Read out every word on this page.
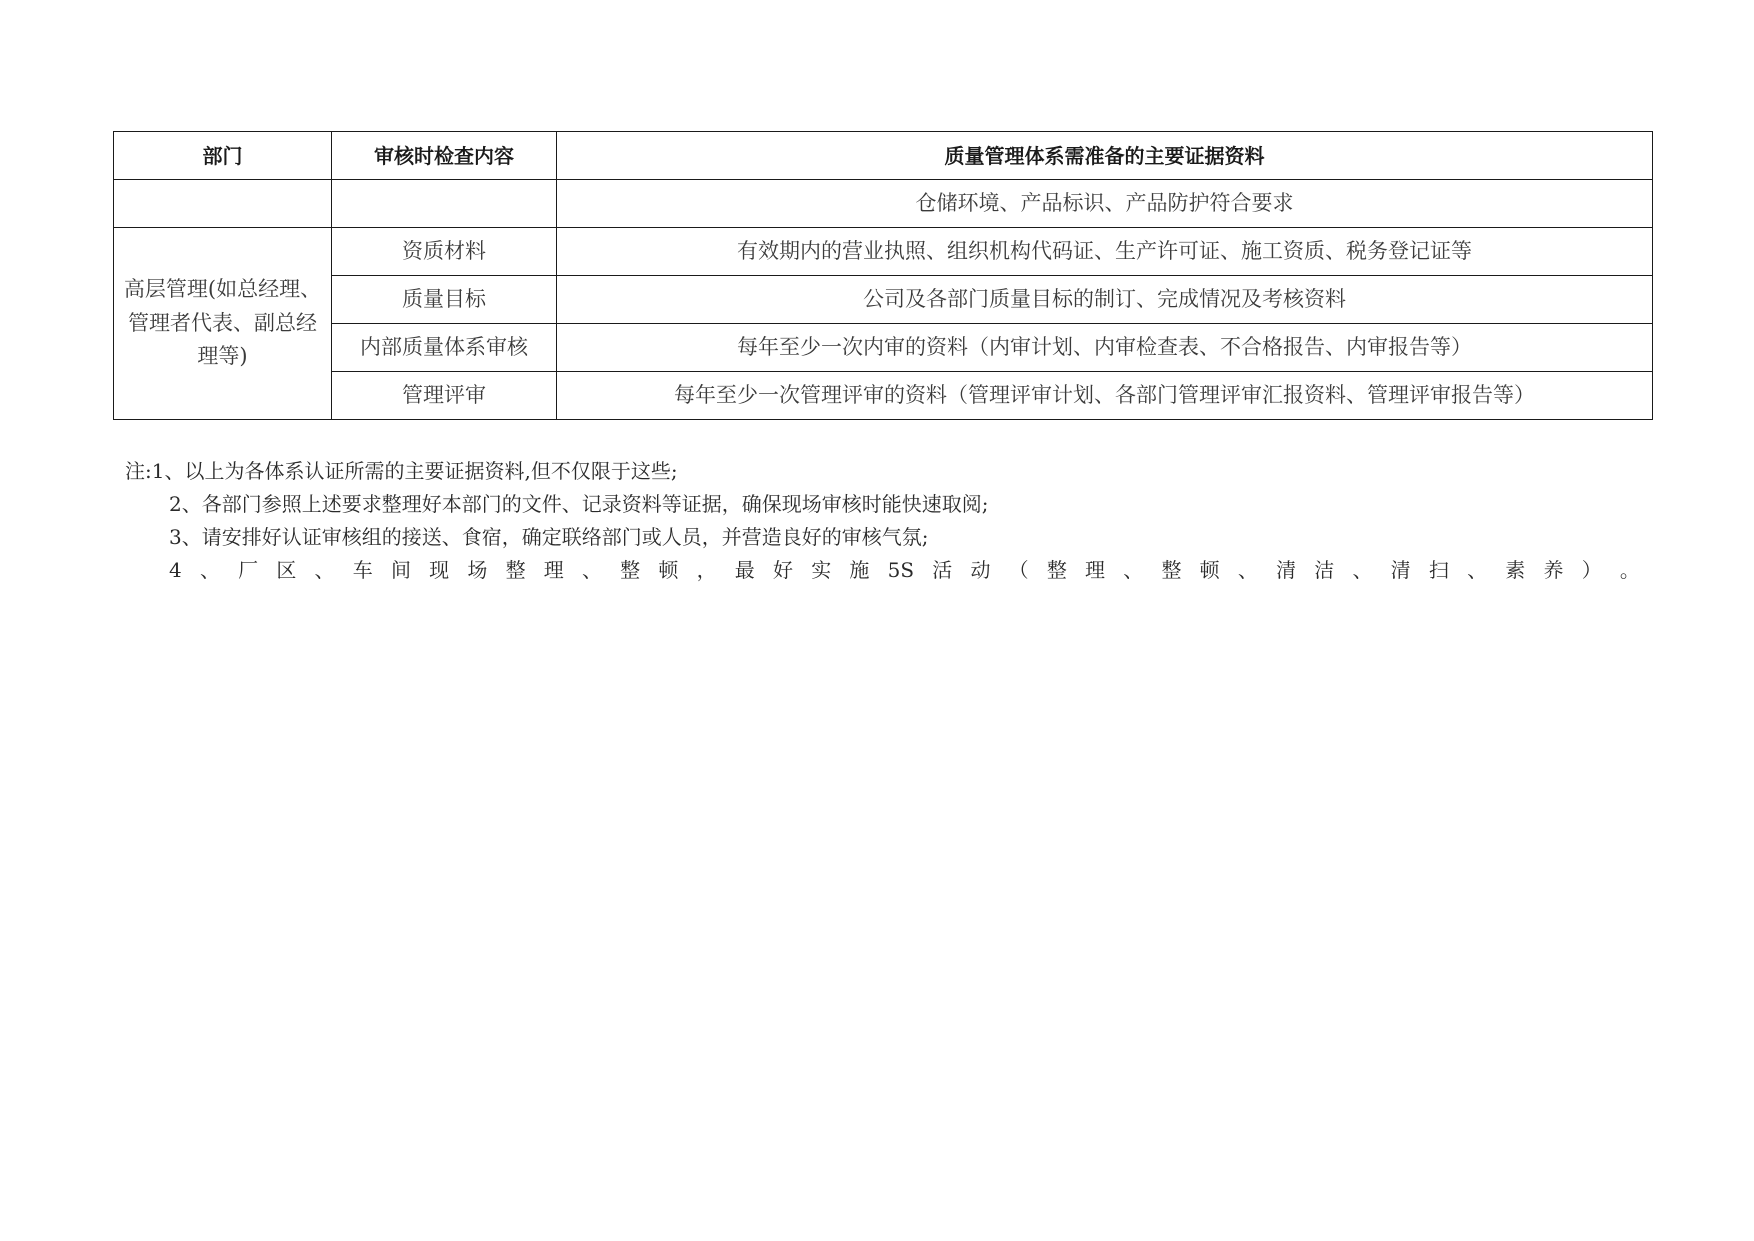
部门	审核时检查内容	质量管理体系需准备的主要证据资料
		仓储环境、产品标识、产品防护符合要求
高层管理(如总经理、管理者代表、副总经理等)	资质材料	有效期内的营业执照、组织机构代码证、生产许可证、施工资质、税务登记证等
	质量目标	公司及各部门质量目标的制订、完成情况及考核资料
	内部质量体系审核	每年至少一次内审的资料（内审计划、内审检查表、不合格报告、内审报告等）
	管理评审	每年至少一次管理评审的资料（管理评审计划、各部门管理评审汇报资料、管理评审报告等）
注:1、以上为各体系认证所需的主要证据资料,但不仅限于这些;
2、各部门参照上述要求整理好本部门的文件、记录资料等证据，确保现场审核时能快速取阅;
3、请安排好认证审核组的接送、食宿，确定联络部门或人员，并营造良好的审核气氛;
4 、 厂 区 、 车 间 现 场 整 理 、 整 顿 ， 最 好 实 施 5S 活 动 （ 整 理 、 整 顿 、 清 洁 、 清 扫 、 素 养 ） 。
